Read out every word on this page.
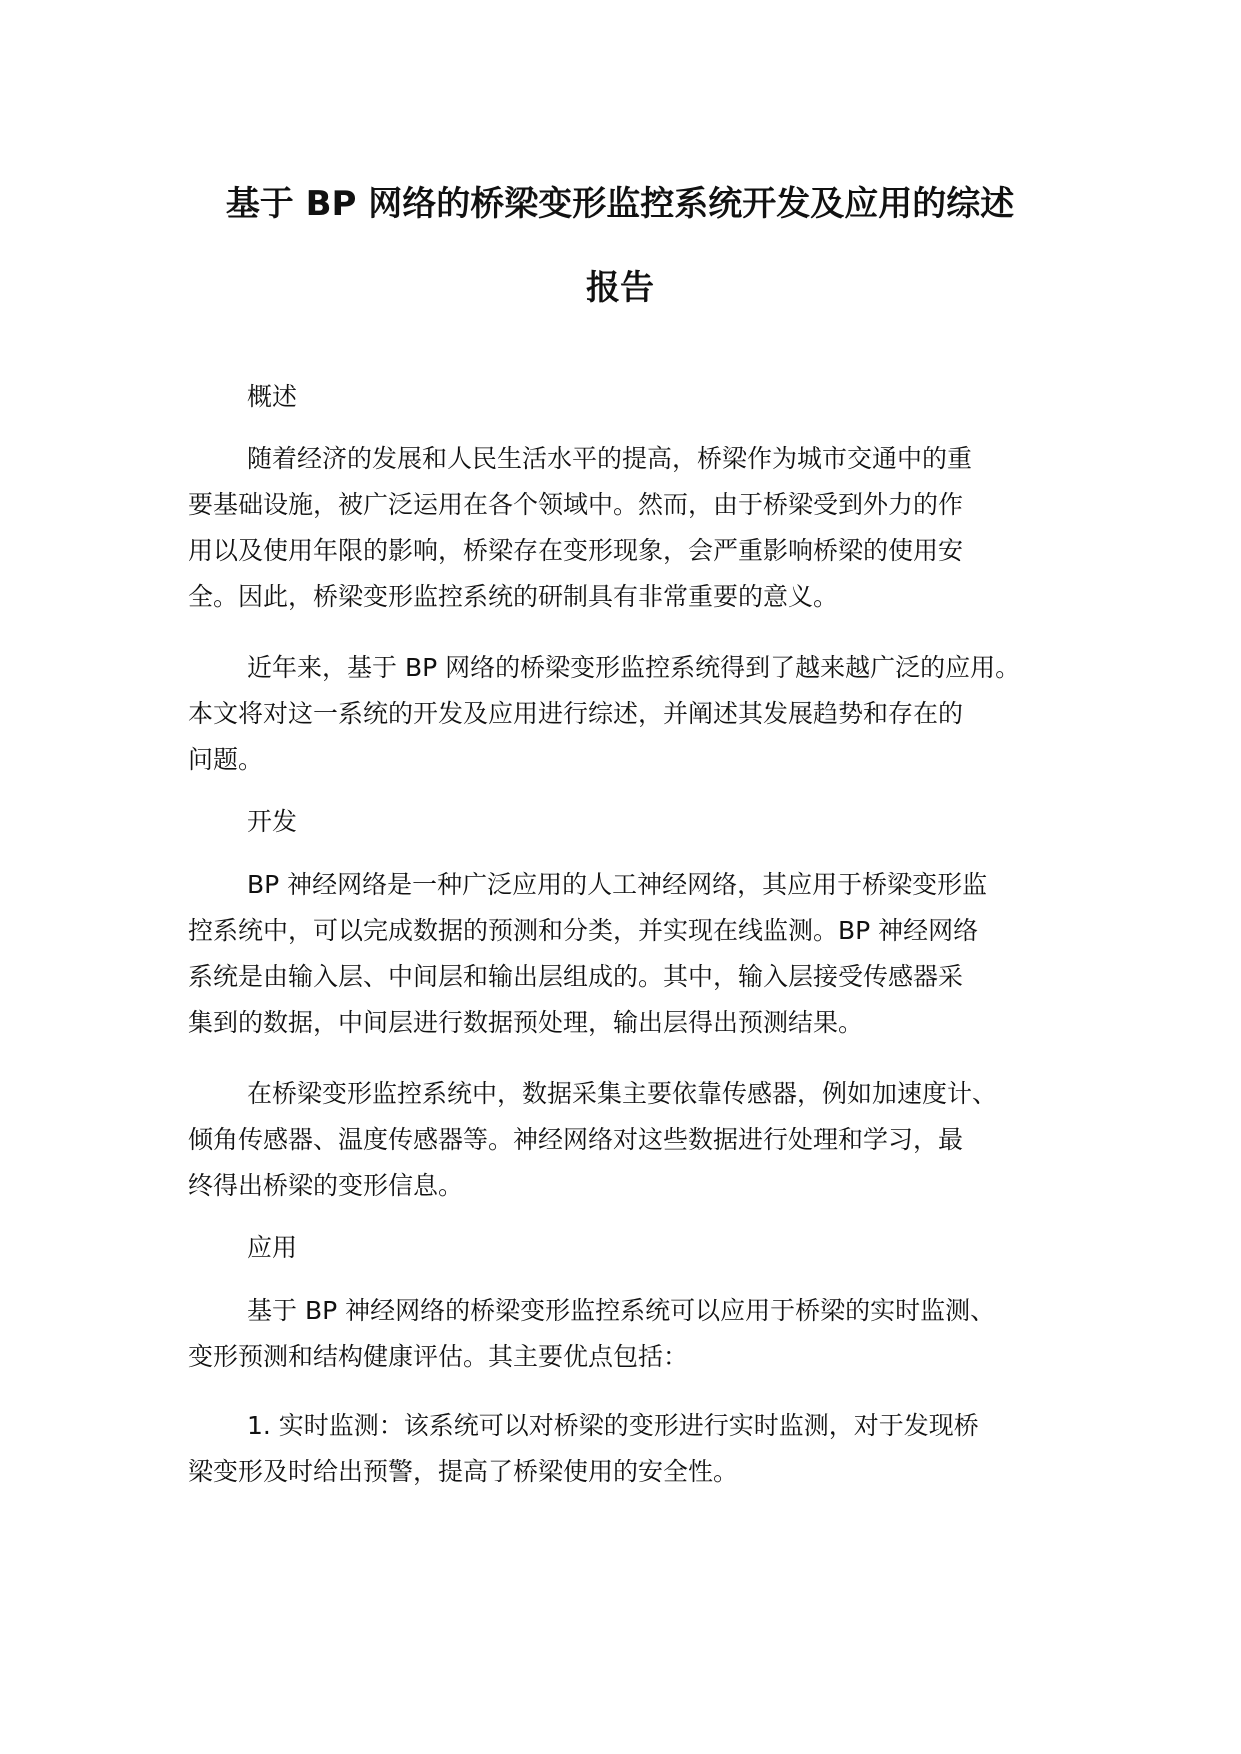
基于 BP 网络的桥梁变形监控系统开发及应用的综述
报告

概述

随着经济的发展和人民生活水平的提高，桥梁作为城市交通中的重

要基础设施，被广泛运用在各个领域中。然而，由于桥梁受到外力的作

用以及使用年限的影响，桥梁存在变形现象，会严重影响桥梁的使用安

全。因此，桥梁变形监控系统的研制具有非常重要的意义。

近年来，基于 BP 网络的桥梁变形监控系统得到了越来越广泛的应用。

本文将对这一系统的开发及应用进行综述，并阐述其发展趋势和存在的

问题。

开发

BP 神经网络是一种广泛应用的人工神经网络，其应用于桥梁变形监

控系统中，可以完成数据的预测和分类，并实现在线监测。BP 神经网络

系统是由输入层、中间层和输出层组成的。其中，输入层接受传感器采

集到的数据，中间层进行数据预处理，输出层得出预测结果。

在桥梁变形监控系统中，数据采集主要依靠传感器，例如加速度计、

倾角传感器、温度传感器等。神经网络对这些数据进行处理和学习，最

终得出桥梁的变形信息。

应用

基于 BP 神经网络的桥梁变形监控系统可以应用于桥梁的实时监测、

变形预测和结构健康评估。其主要优点包括：

1. 实时监测：该系统可以对桥梁的变形进行实时监测，对于发现桥

梁变形及时给出预警，提高了桥梁使用的安全性。
